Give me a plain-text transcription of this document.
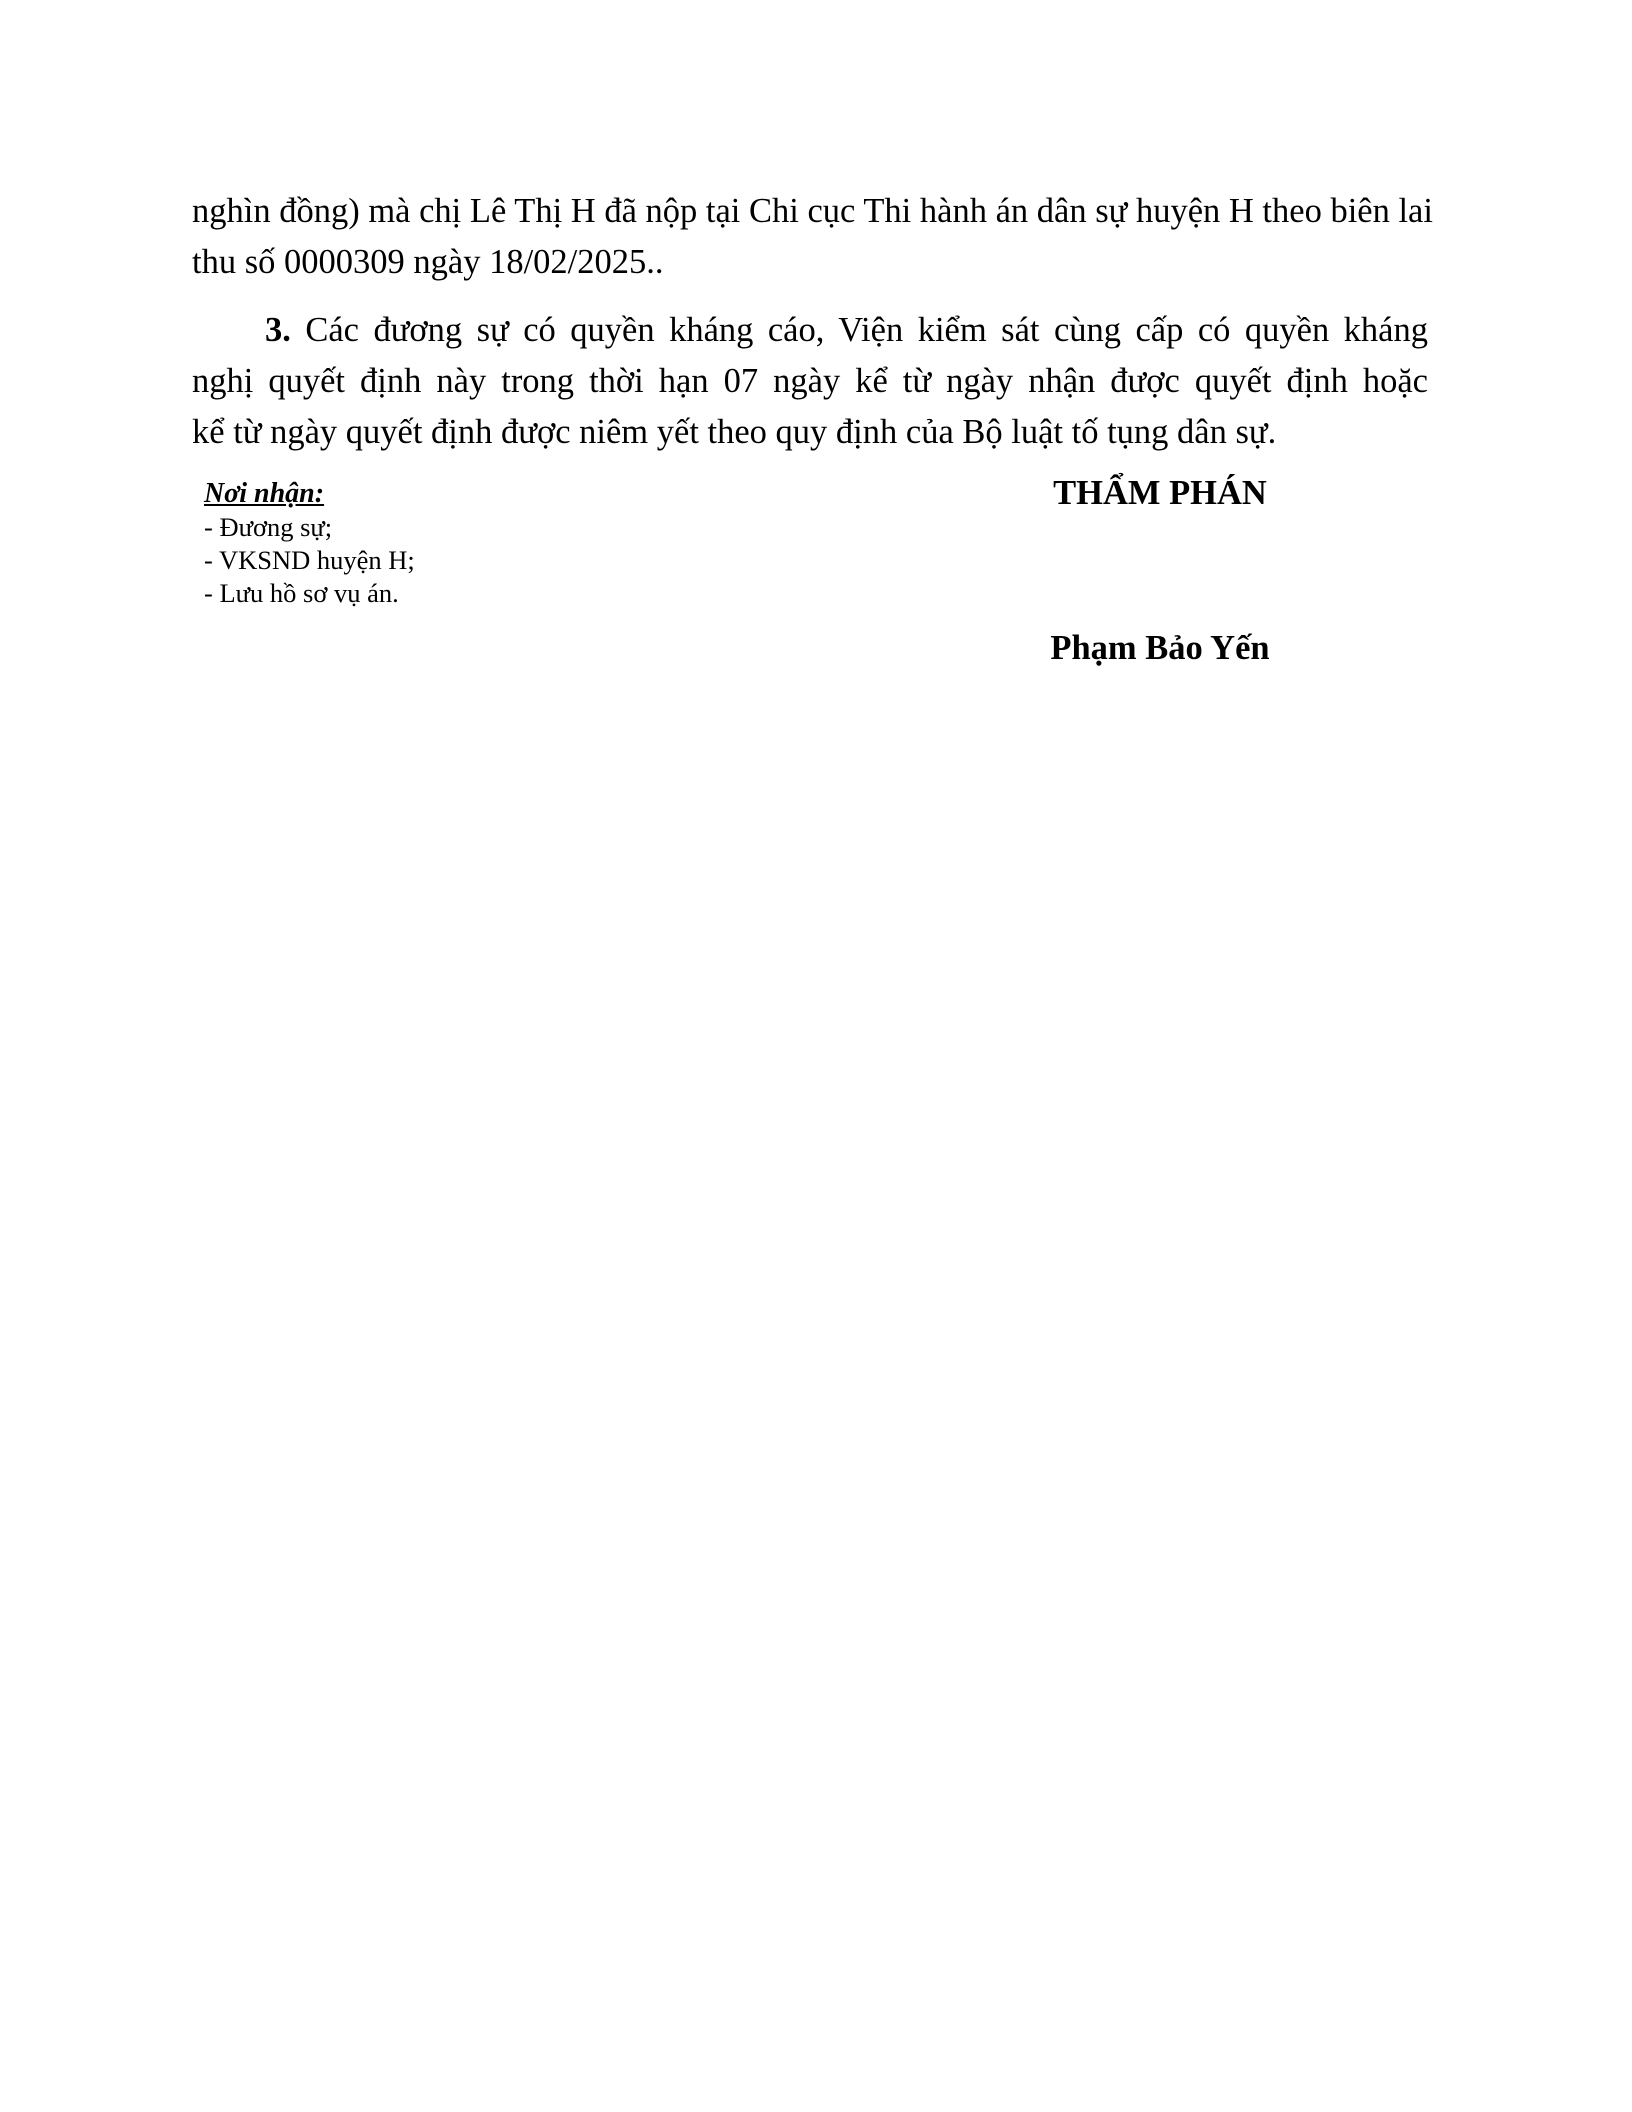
nghìn đồng) mà chị Lê Thị H đã nộp tại Chi cục Thi hành án dân sự huyện H theo biên lai
thu số 0000309 ngày 18/02/2025..
3. Các đương sự có quyền kháng cáo, Viện kiểm sát cùng cấp có quyền kháng
nghị quyết định này trong thời hạn 07 ngày kể từ ngày nhận được quyết định hoặc
kể từ ngày quyết định được niêm yết theo quy định của Bộ luật tố tụng dân sự.
Nơi nhận:
- Đương sự;
- VKSND huyện H;
- Lưu hồ sơ vụ án.
THẨM PHÁN
Phạm Bảo Yến
